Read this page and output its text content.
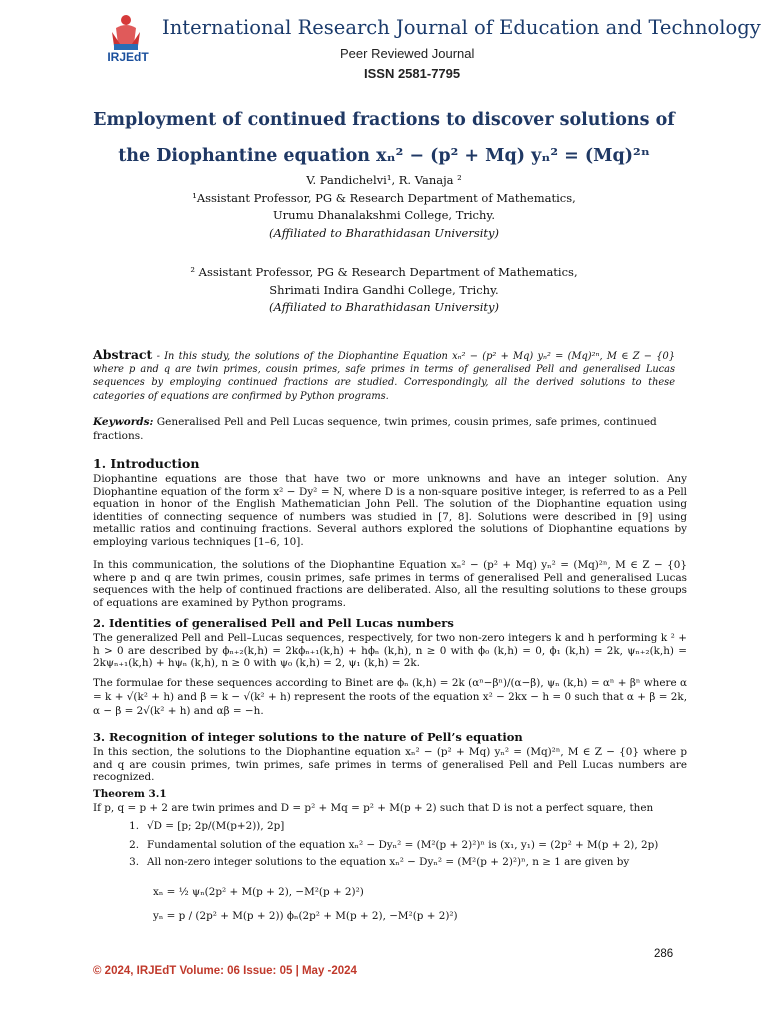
IRJEdT
International Research Journal of Education and Technology
Peer Reviewed Journal
ISSN 2581-7795
Employment of continued fractions to discover solutions of
the Diophantine equation xₙ² − (p² + Mq) yₙ² = (Mq)²ⁿ
V. Pandichelvi¹, R. Vanaja ²
¹Assistant Professor, PG & Research Department of Mathematics,
Urumu Dhanalakshmi College, Trichy.
(Affiliated to Bharathidasan University)
² Assistant Professor, PG & Research Department of Mathematics,
Shrimati Indira Gandhi College, Trichy.
(Affiliated to Bharathidasan University)
Abstract - In this study, the solutions of the Diophantine Equation xₙ² − (p² + Mq) yₙ² = (Mq)²ⁿ, M ∈ Z − {0} where p and q are twin primes, cousin primes, safe primes in terms of generalised Pell and generalised Lucas sequences by employing continued fractions are studied. Correspondingly, all the derived solutions to these categories of equations are confirmed by Python programs.
Keywords: Generalised Pell and Pell Lucas sequence, twin primes, cousin primes, safe primes, continued fractions.
1. Introduction
Diophantine equations are those that have two or more unknowns and have an integer solution. Any Diophantine equation of the form x² − Dy² = N, where D is a non-square positive integer, is referred to as a Pell equation in honor of the English Mathematician John Pell. The solution of the Diophantine equation using identities of connecting sequence of numbers was studied in [7, 8]. Solutions were described in [9] using metallic ratios and continuing fractions. Several authors explored the solutions of Diophantine equations by employing various techniques [1–6, 10].
In this communication, the solutions of the Diophantine Equation xₙ² − (p² + Mq) yₙ² = (Mq)²ⁿ, M ∈ Z − {0} where p and q are twin primes, cousin primes, safe primes in terms of generalised Pell and generalised Lucas sequences with the help of continued fractions are deliberated. Also, all the resulting solutions to these groups of equations are examined by Python programs.
2. Identities of generalised Pell and Pell Lucas numbers
The generalized Pell and Pell–Lucas sequences, respectively, for two non-zero integers k and h performing k ² + h > 0 are described by ϕₙ₊₂(k,h) = 2kϕₙ₊₁(k,h) + hϕₙ (k,h), n ≥ 0 with ϕ₀ (k,h) = 0, ϕ₁ (k,h) = 2k, ψₙ₊₂(k,h) = 2kψₙ₊₁(k,h) + hψₙ (k,h), n ≥ 0 with ψ₀ (k,h) = 2, ψ₁ (k,h) = 2k.
The formulae for these sequences according to Binet are ϕₙ (k,h) = 2k (αⁿ−βⁿ)/(α−β), ψₙ (k,h) = αⁿ + βⁿ where α = k + √(k² + h) and β = k − √(k² + h) represent the roots of the equation x² − 2kx − h = 0 such that α + β = 2k, α − β = 2√(k² + h) and αβ = −h.
3. Recognition of integer solutions to the nature of Pell’s equation
In this section, the solutions to the Diophantine equation xₙ² − (p² + Mq) yₙ² = (Mq)²ⁿ, M ∈ Z − {0} where p and q are cousin primes, twin primes, safe primes in terms of generalised Pell and Pell Lucas numbers are recognized.
Theorem 3.1
If p, q = p + 2 are twin primes and D = p² + Mq = p² + M(p + 2) such that D is not a perfect square, then
1. √D = [p; 2p/(M(p+2)), 2p]
2. Fundamental solution of the equation xₙ² − Dyₙ² = (M²(p + 2)²)ⁿ is (x₁, y₁) = (2p² + M(p + 2), 2p)
3. All non-zero integer solutions to the equation xₙ² − Dyₙ² = (M²(p + 2)²)ⁿ, n ≥ 1 are given by
xₙ = ½ ψₙ(2p² + M(p + 2), −M²(p + 2)²)
yₙ = p / (2p² + M(p + 2)) ϕₙ(2p² + M(p + 2), −M²(p + 2)²)
286
© 2024, IRJEdT Volume: 06 Issue: 05 | May -2024
